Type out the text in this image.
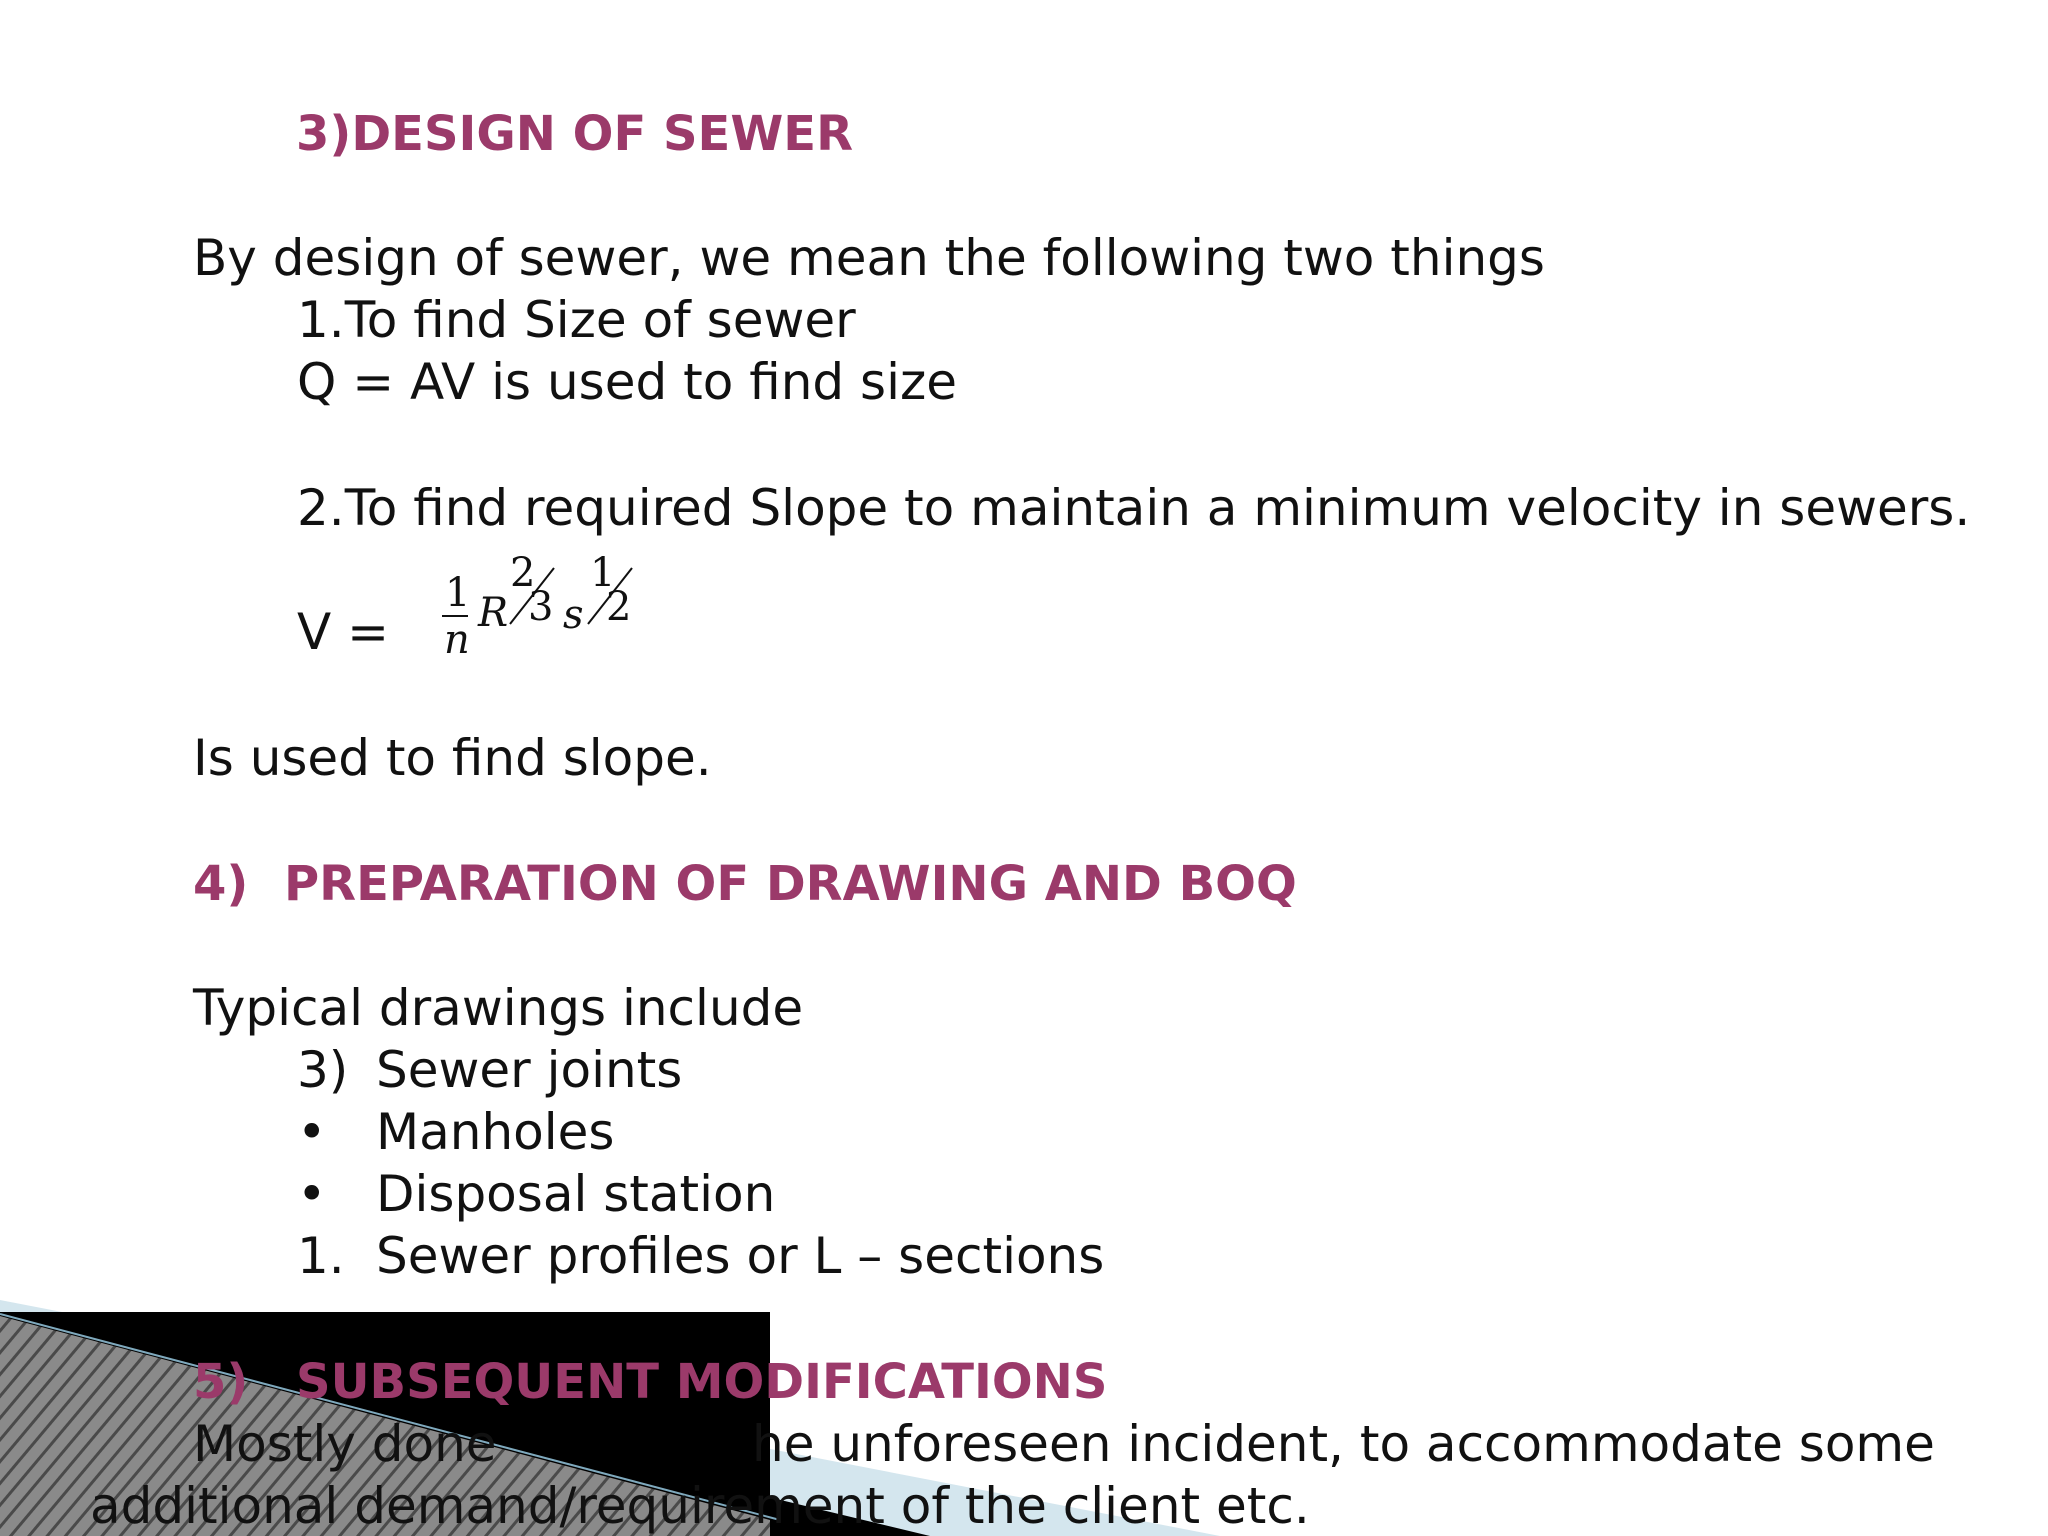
3)DESIGN OF SEWER
By design of sewer, we mean the following two things
1.To find Size of sewer
Q = AV is used to find size
2.To find required Slope to maintain a minimum velocity in sewers.
V =
1
n
R
2
3 s
1
2
Is used to find slope.
4) PREPARATION OF DRAWING AND BOQ
Typical drawings include
3) Sewer joints
• Manholes
• Disposal station
1. Sewer profiles or L – sections
5) SUBSEQUENT MODIFICATIONS
Mostly done	he unforeseen incident, to accommodate some
additional demand/requirement of the client etc.
